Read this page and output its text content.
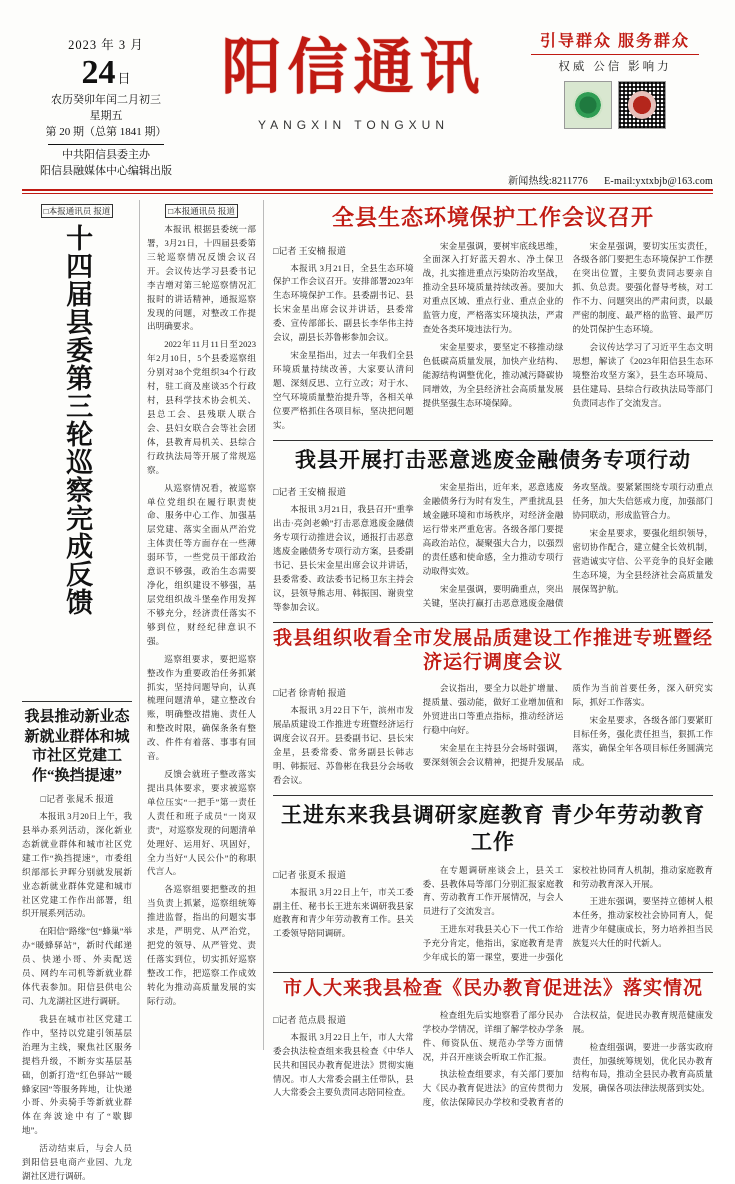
2023 年 3 月
24 日
农历癸卯年闰二月初三
星期五
第 20 期（总第 1841 期）
中共阳信县委主办
阳信县融媒体中心编辑出版
阳信通讯
YANGXIN TONGXUN
引导群众 服务群众
权威 公信 影响力
新闻热线:8211776 E-mail:yxtxbjb@163.com
□本报通讯员 报道
十四届县委第三轮巡察完成反馈
我县推动新业态新就业群体和城市社区党建工作“换挡提速”
□记者 张晁禾 报道

本报讯 3月20日上午，我县举办系列活动，深化新业态新就业群体和城市社区党建工作“换挡提速”，市委组织部部长尹晖分别就发展新业态新就业群体党建和城市社区党建工作作出部署，组织开展系列活动。

在阳信“路缘”包“蜂巢”举办“暖蜂驿站”，新时代邮递员、快递小哥、外卖配送员、网约车司机等新就业群体代表参加。阳信县供电公司、九龙湖社区进行调研。

我县在城市社区党建工作中，坚持以党建引领基层治理为主线，聚焦社区服务提档升级，不断夯实基层基础，创新打造“红色驿站”“暖蜂家园”等服务阵地，让快递小哥、外卖骑手等新就业群体在奔波途中有了“歇脚地”。

活动结束后，与会人员到阳信县电商产业园、九龙湖社区进行调研。

□本报通讯员 报道

本报讯 根据县委统一部署，3月21日，十四届县委第三轮巡察情况反馈会议召开。会议传达学习县委书记李吉增对第三轮巡察情况汇报时的讲话精神，通报巡察发现的问题，对整改工作提出明确要求。

2022年11月11日至2023年2月10日，5个县委巡察组分别对38个党组织34个行政村，驻工商及座谈35个行政村，县科学技术协会机关、县总工会、县残联人联合会、县妇女联合会等社会团体，县教育局机关、县综合行政执法局等开展了常规巡察。

从巡察情况看，被巡察单位党组织在履行职责使命、服务中心工作、加强基层党建、落实全面从严治党主体责任等方面存在一些薄弱环节，一些党员干部政治意识不够强，政治生态需要净化，组织建设不够强，基层党组织战斗堡垒作用发挥不够充分，经济责任落实不够到位，财经纪律意识不强。

巡察组要求，要把巡察整改作为重要政治任务抓紧抓实，坚持问题导向，认真梳理问题清单，建立整改台账，明确整改措施、责任人和整改时限，确保条条有整改、件件有着落、事事有回音。

反馈会就班子整改落实提出具体要求，要求被巡察单位压实“一把手”第一责任人责任和班子成员“一岗双责”，对巡察发现的问题清单处理好、运用好、巩固好，全力当好“人民公仆”的称职代言人。

各巡察组要把整改的担当负责上抓紧，巡察组统筹推进监督，指出的问题实事求是，严明党、从严治党，把党的领导、从严管党、责任落实到位，切实抓好巡察整改工作，把巡察工作成效转化为推动高质量发展的实际行动。

全县生态环境保护工作会议召开
□记者 王安楠 报道

本报讯 3月21日，全县生态环境保护工作会议召开。安排部署2023年生态环境保护工作。县委副书记、县长宋金星出席会议并讲话，县委常委、宣传部部长、副县长李华伟主持会议，副县长苏鲁彬参加会议。

宋金星指出，过去一年我们全县环境质量持续改善，大家要认清问题、深刻反思、立行立改；对于水、空气环境质量整治提升等，各相关单位要严格抓住各项目标，坚决把问题实。

宋金星强调，要树牢底线思维，全面深入打好蓝天碧水、净土保卫战，扎实推进重点污染防治攻坚战，推动全县环境质量持续改善。要加大对重点区域、重点行业、重点企业的监管力度，严格落实环境执法，严肃查处各类环境违法行为。

宋金星要求，要坚定不移推动绿色低碳高质量发展，加快产业结构、能源结构调整优化，推动减污降碳协同增效，为全县经济社会高质量发展提供坚强生态环境保障。

宋金星强调，要切实压实责任，各级各部门要把生态环境保护工作摆在突出位置，主要负责同志要亲自抓、负总责。要强化督导考核，对工作不力、问题突出的严肃问责，以最严密的制度、最严格的监管、最严厉的处罚保护生态环境。

会议传达学习了习近平生态文明思想，解读了《2023年阳信县生态环境整治攻坚方案》，县生态环境局、县住建局、县综合行政执法局等部门负责同志作了交流发言。

我县开展打击恶意逃废金融债务专项行动
□记者 王安楠 报道

本报讯 3月21日，我县召开“重拳出击·亮剑老赖”打击恶意逃废金融债务专项行动推进会议，通报打击恶意逃废金融债务专项行动方案，县委副书记、县长宋金星出席会议并讲话，县委常委、政法委书记杨卫东主持会议，县领导熊志用、韩振国、谢贵堂等参加会议。

宋金星指出，近年来，恶意逃废金融债务行为时有发生，严重扰乱县域金融环境和市场秩序，对经济金融运行带来严重危害。各级各部门要提高政治站位，凝聚强大合力，以强烈的责任感和使命感，全力推动专项行动取得实效。

宋金星强调，要明确重点，突出关键，坚决打赢打击恶意逃废金融债务攻坚战。要紧紧围绕专项行动重点任务，加大失信惩戒力度，加强部门协同联动，形成监管合力。

宋金星要求，要强化组织领导，密切协作配合，建立健全长效机制，营造诚实守信、公平竞争的良好金融生态环境，为全县经济社会高质量发展保驾护航。

我县组织收看全市发展品质建设工作推进专班暨经济运行调度会议
□记者 徐青帕 报道

本报讯 3月22日下午，滨州市发展品质建设工作推进专班暨经济运行调度会议召开。县委副书记、县长宋金星，县委常委、常务副县长韩志明、韩振冠、苏鲁彬在我县分会场收看会议。

会议指出，要全力以赴扩增量、提质量、强动能，做好工业增加值和外贸进出口等重点指标，推动经济运行稳中向好。

宋金星在主持县分会场时强调，要深刻领会会议精神，把提升发展品质作为当前首要任务，深入研究实际，抓好工作落实。

宋金星要求，各级各部门要紧盯目标任务，强化责任担当，狠抓工作落实，确保全年各项目标任务圆满完成。

王进东来我县调研家庭教育 青少年劳动教育工作
□记者 张夏禾 报道

本报讯 3月22日上午，市关工委副主任、秘书长王进东来调研我县家庭教育和青少年劳动教育工作。县关工委领导陪同调研。

在专题调研座谈会上，县关工委、县教体局等部门分别汇报家庭教育、劳动教育工作开展情况，与会人员进行了交流发言。

王进东对我县关心下一代工作给予充分肯定，他指出，家庭教育是青少年成长的第一课堂，要进一步强化家校社协同育人机制，推动家庭教育和劳动教育深入开展。

王进东强调，要坚持立德树人根本任务，推动家校社会协同育人，促进青少年健康成长，努力培养担当民族复兴大任的时代新人。

市人大来我县检查《民办教育促进法》落实情况
□记者 范点晨 报道

本报讯 3月22日上午，市人大常委会执法检查组来我县检查《中华人民共和国民办教育促进法》贯彻实施情况。市人大常委会副主任带队，县人大常委会主要负责同志陪同检查。

检查组先后实地察看了部分民办学校办学情况，详细了解学校办学条件、师资队伍、规范办学等方面情况，并召开座谈会听取工作汇报。

执法检查组要求，有关部门要加大《民办教育促进法》的宣传贯彻力度，依法保障民办学校和受教育者的合法权益，促进民办教育规范健康发展。

检查组强调，要进一步落实政府责任，加强统筹规划，优化民办教育结构布局，推动全县民办教育高质量发展，确保各项法律法规落到实处。
